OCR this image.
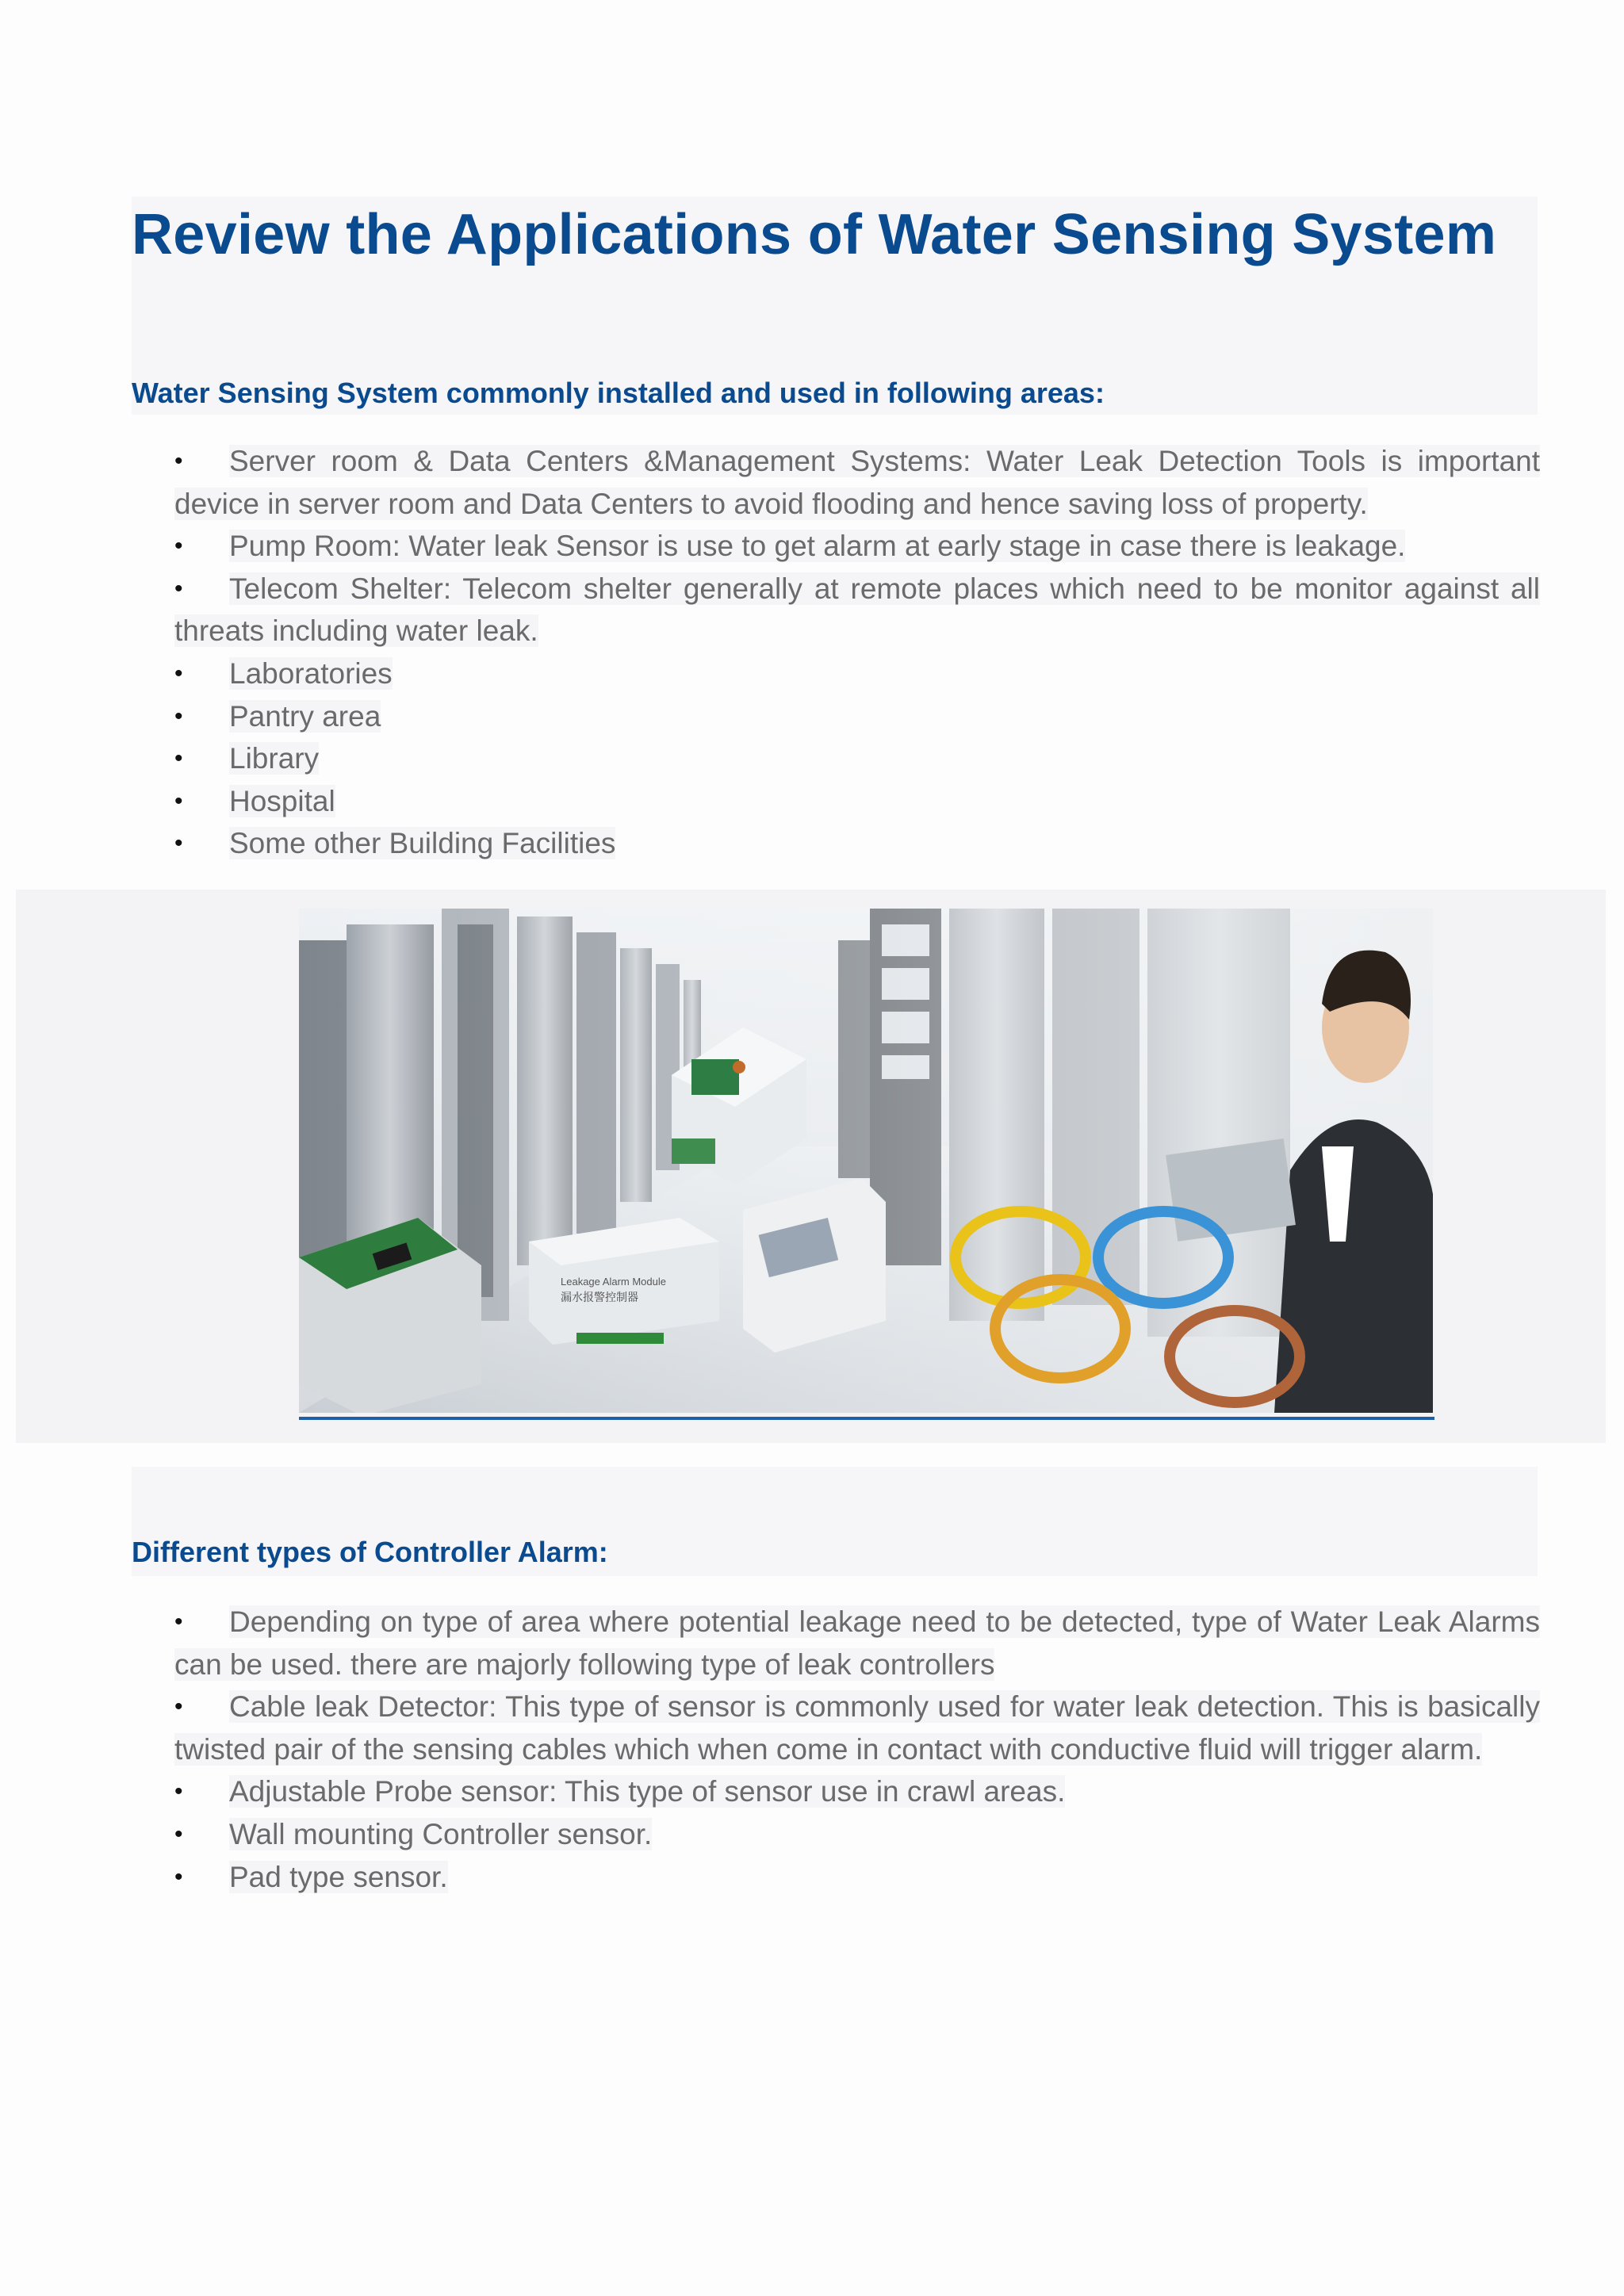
Review the Applications of Water Sensing System
Water Sensing System commonly installed and used in following areas:
• Server room & Data Centers &Management Systems: Water Leak Detection Tools is important device in server room and Data Centers to avoid flooding and hence saving loss of property.
• Pump Room: Water leak Sensor is use to get alarm at early stage in case there is leakage.
• Telecom Shelter: Telecom shelter generally at remote places which need to be monitor against all threats including water leak.
• Laboratories
• Pantry area
• Library
• Hospital
• Some other Building Facilities
Leakage Alarm Module
漏水报警控制器
Different types of Controller Alarm:
• Depending on type of area where potential leakage need to be detected, type of Water Leak Alarms can be used. there are majorly following type of leak controllers
• Cable leak Detector: This type of sensor is commonly used for water leak detection. This is basically twisted pair of the sensing cables which when come in contact with conductive fluid will trigger alarm.
• Adjustable Probe sensor: This type of sensor use in crawl areas.
• Wall mounting Controller sensor.
• Pad type sensor.
